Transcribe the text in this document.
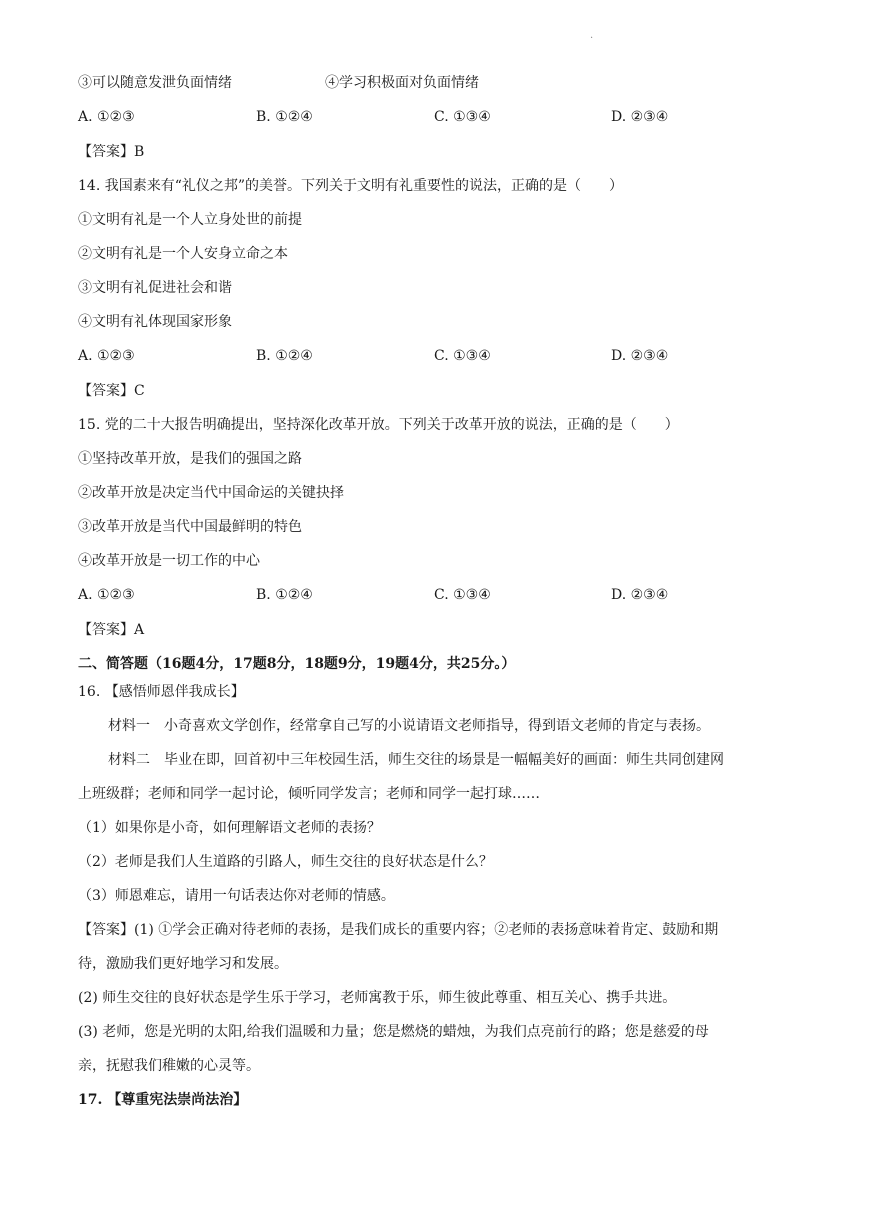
.
③可以随意发泄负面情绪	④学习积极面对负面情绪
A. ①②③	B. ①②④	C. ①③④	D. ②③④
【答案】B
14. 我国素来有“礼仪之邦”的美誉。下列关于文明有礼重要性的说法，正确的是（　　）
①文明有礼是一个人立身处世的前提
②文明有礼是一个人安身立命之本
③文明有礼促进社会和谐
④文明有礼体现国家形象
A. ①②③	B. ①②④	C. ①③④	D. ②③④
【答案】C
15. 党的二十大报告明确提出，坚持深化改革开放。下列关于改革开放的说法，正确的是（　　）
①坚持改革开放，是我们的强国之路
②改革开放是决定当代中国命运的关键抉择
③改革开放是当代中国最鲜明的特色
④改革开放是一切工作的中心
A. ①②③	B. ①②④	C. ①③④	D. ②③④
【答案】A
二、简答题（16题4分，17题8分，18题9分，19题4分，共25分。）
16. 【感悟师恩伴我成长】
材料一　小奇喜欢文学创作，经常拿自己写的小说请语文老师指导，得到语文老师的肯定与表扬。
材料二　毕业在即，回首初中三年校园生活，师生交往的场景是一幅幅美好的画面：师生共同创建网
上班级群；老师和同学一起讨论，倾听同学发言；老师和同学一起打球……
（1）如果你是小奇，如何理解语文老师的表扬？
（2）老师是我们人生道路的引路人，师生交往的良好状态是什么？
（3）师恩难忘，请用一句话表达你对老师的情感。
【答案】(1) ①学会正确对待老师的表扬，是我们成长的重要内容；②老师的表扬意味着肯定、鼓励和期
待，激励我们更好地学习和发展。
(2) 师生交往的良好状态是学生乐于学习，老师寓教于乐，师生彼此尊重、相互关心、携手共进。
(3) 老师，您是光明的太阳,给我们温暖和力量；您是燃烧的蜡烛，为我们点亮前行的路；您是慈爱的母
亲，抚慰我们稚嫩的心灵等。
17. 【尊重宪法崇尚法治】
